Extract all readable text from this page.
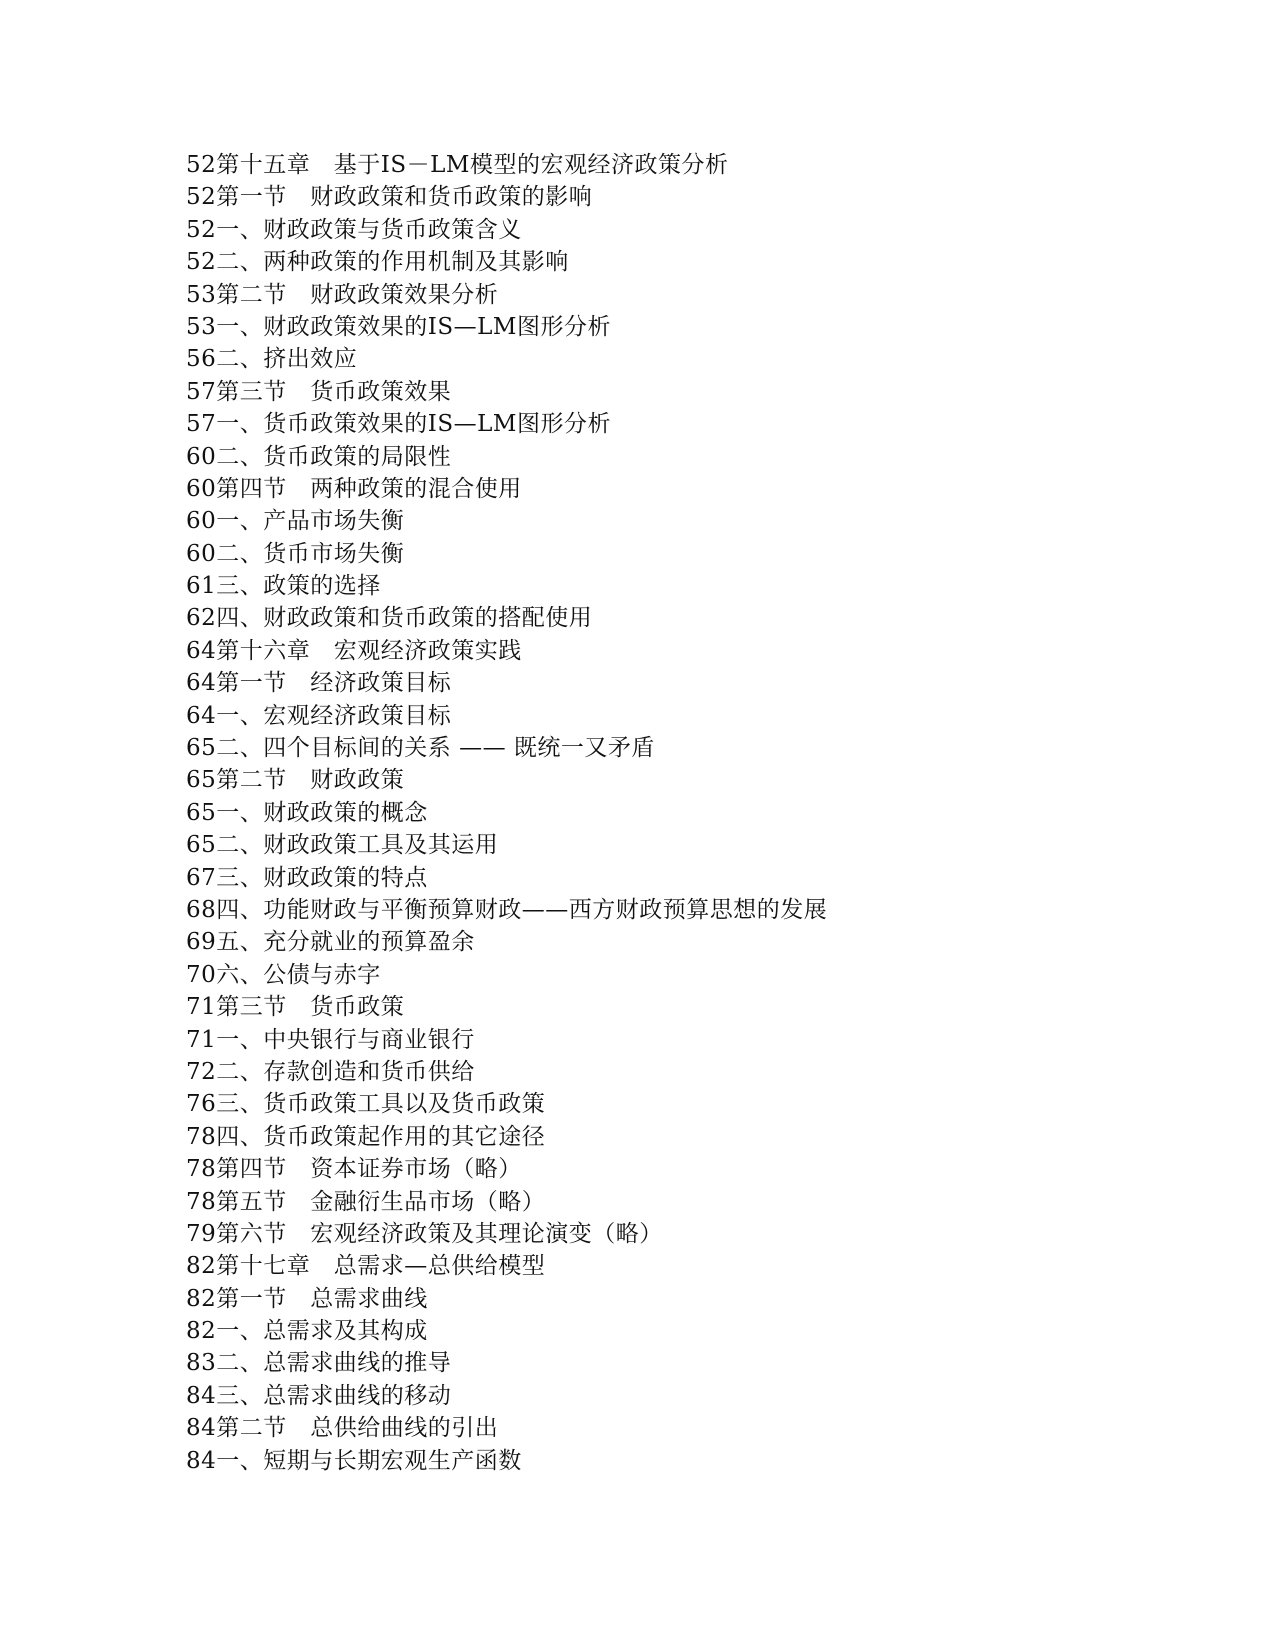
52第十五章　基于IS－LM模型的宏观经济政策分析
52第一节　财政政策和货币政策的影响
52一、财政政策与货币政策含义
52二、两种政策的作用机制及其影响
53第二节　财政政策效果分析
53一、财政政策效果的IS—LM图形分析
56二、挤出效应
57第三节　货币政策效果
57一、货币政策效果的IS—LM图形分析
60二、货币政策的局限性
60第四节　两种政策的混合使用
60一、产品市场失衡
60二、货币市场失衡
61三、政策的选择
62四、财政政策和货币政策的搭配使用
64第十六章　宏观经济政策实践
64第一节　经济政策目标
64一、宏观经济政策目标
65二、四个目标间的关系 —— 既统一又矛盾
65第二节　财政政策
65一、财政政策的概念
65二、财政政策工具及其运用
67三、财政政策的特点
68四、功能财政与平衡预算财政——西方财政预算思想的发展
69五、充分就业的预算盈余
70六、公债与赤字
71第三节　货币政策
71一、中央银行与商业银行
72二、存款创造和货币供给
76三、货币政策工具以及货币政策
78四、货币政策起作用的其它途径
78第四节　资本证券市场（略）
78第五节　金融衍生品市场（略）
79第六节　宏观经济政策及其理论演变（略）
82第十七章　总需求—总供给模型
82第一节　总需求曲线
82一、总需求及其构成
83二、总需求曲线的推导
84三、总需求曲线的移动
84第二节　总供给曲线的引出
84一、短期与长期宏观生产函数
